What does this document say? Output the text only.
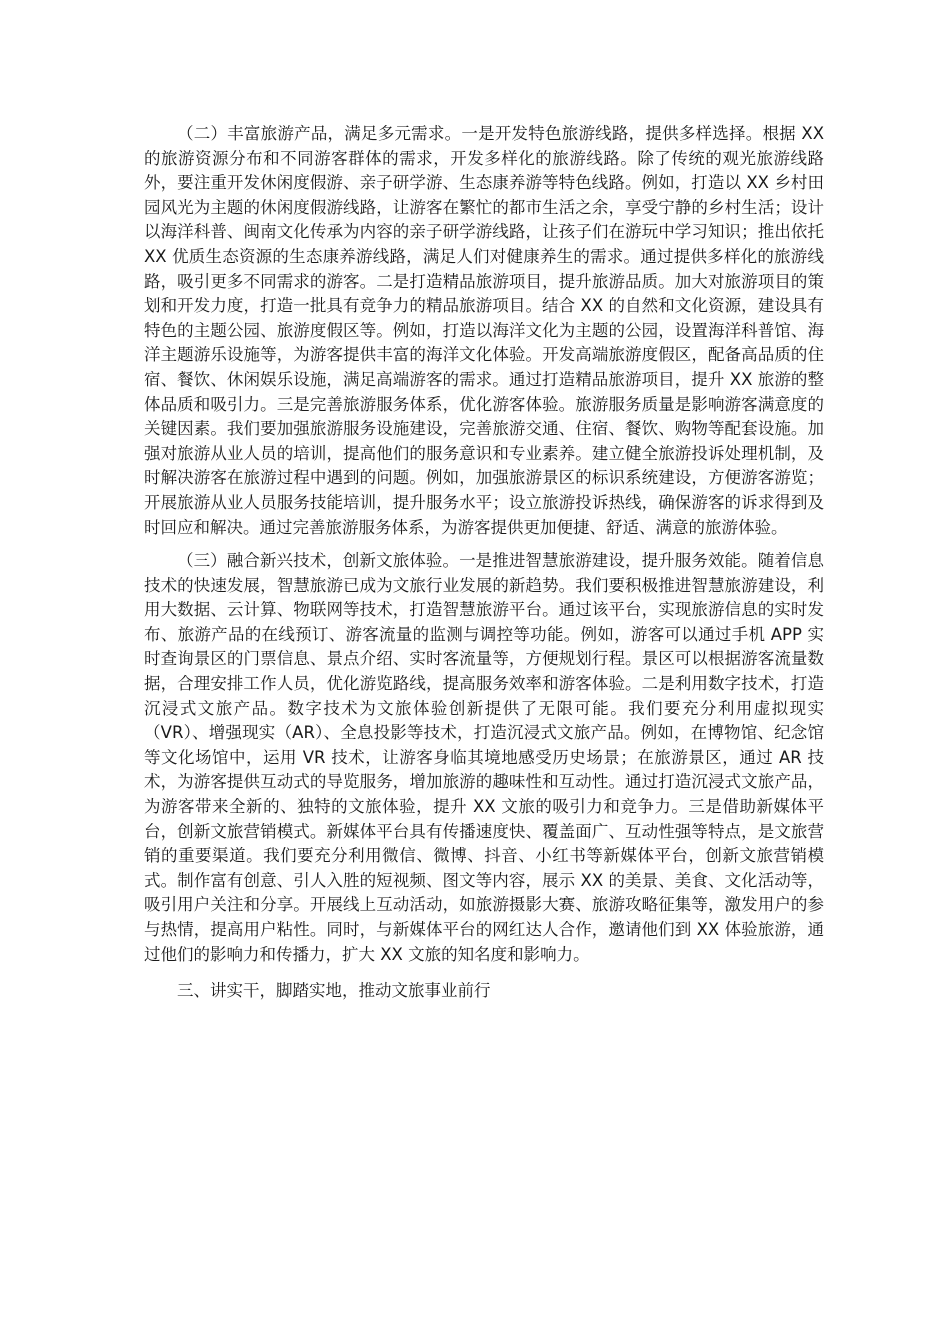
（二）丰富旅游产品，满足多元需求。一是开发特色旅游线路，提供多样选择。根据 XX 的旅游资源分布和不同游客群体的需求，开发多样化的旅游线路。除了传统的观光旅游线路外，要注重开发休闲度假游、亲子研学游、生态康养游等特色线路。例如，打造以 XX 乡村田园风光为主题的休闲度假游线路，让游客在繁忙的都市生活之余，享受宁静的乡村生活；设计以海洋科普、闽南文化传承为内容的亲子研学游线路，让孩子们在游玩中学习知识；推出依托 XX 优质生态资源的生态康养游线路，满足人们对健康养生的需求。通过提供多样化的旅游线路，吸引更多不同需求的游客。二是打造精品旅游项目，提升旅游品质。加大对旅游项目的策划和开发力度，打造一批具有竞争力的精品旅游项目。结合 XX 的自然和文化资源，建设具有特色的主题公园、旅游度假区等。例如，打造以海洋文化为主题的公园，设置海洋科普馆、海洋主题游乐设施等，为游客提供丰富的海洋文化体验。开发高端旅游度假区，配备高品质的住宿、餐饮、休闲娱乐设施，满足高端游客的需求。通过打造精品旅游项目，提升 XX 旅游的整体品质和吸引力。三是完善旅游服务体系，优化游客体验。旅游服务质量是影响游客满意度的关键因素。我们要加强旅游服务设施建设，完善旅游交通、住宿、餐饮、购物等配套设施。加强对旅游从业人员的培训，提高他们的服务意识和专业素养。建立健全旅游投诉处理机制，及时解决游客在旅游过程中遇到的问题。例如，加强旅游景区的标识系统建设，方便游客游览；开展旅游从业人员服务技能培训，提升服务水平；设立旅游投诉热线，确保游客的诉求得到及时回应和解决。通过完善旅游服务体系，为游客提供更加便捷、舒适、满意的旅游体验。

（三）融合新兴技术，创新文旅体验。一是推进智慧旅游建设，提升服务效能。随着信息技术的快速发展，智慧旅游已成为文旅行业发展的新趋势。我们要积极推进智慧旅游建设，利用大数据、云计算、物联网等技术，打造智慧旅游平台。通过该平台，实现旅游信息的实时发布、旅游产品的在线预订、游客流量的监测与调控等功能。例如，游客可以通过手机 APP 实时查询景区的门票信息、景点介绍、实时客流量等，方便规划行程。景区可以根据游客流量数据，合理安排工作人员，优化游览路线，提高服务效率和游客体验。二是利用数字技术，打造沉浸式文旅产品。数字技术为文旅体验创新提供了无限可能。我们要充分利用虚拟现实（VR）、增强现实（AR）、全息投影等技术，打造沉浸式文旅产品。例如，在博物馆、纪念馆等文化场馆中，运用 VR 技术，让游客身临其境地感受历史场景；在旅游景区，通过 AR 技术，为游客提供互动式的导览服务，增加旅游的趣味性和互动性。通过打造沉浸式文旅产品，为游客带来全新的、独特的文旅体验，提升 XX 文旅的吸引力和竞争力。三是借助新媒体平台，创新文旅营销模式。新媒体平台具有传播速度快、覆盖面广、互动性强等特点，是文旅营销的重要渠道。我们要充分利用微信、微博、抖音、小红书等新媒体平台，创新文旅营销模式。制作富有创意、引人入胜的短视频、图文等内容，展示 XX 的美景、美食、文化活动等，吸引用户关注和分享。开展线上互动活动，如旅游摄影大赛、旅游攻略征集等，激发用户的参与热情，提高用户粘性。同时，与新媒体平台的网红达人合作，邀请他们到 XX 体验旅游，通过他们的影响力和传播力，扩大 XX 文旅的知名度和影响力。

三、讲实干，脚踏实地，推动文旅事业前行
